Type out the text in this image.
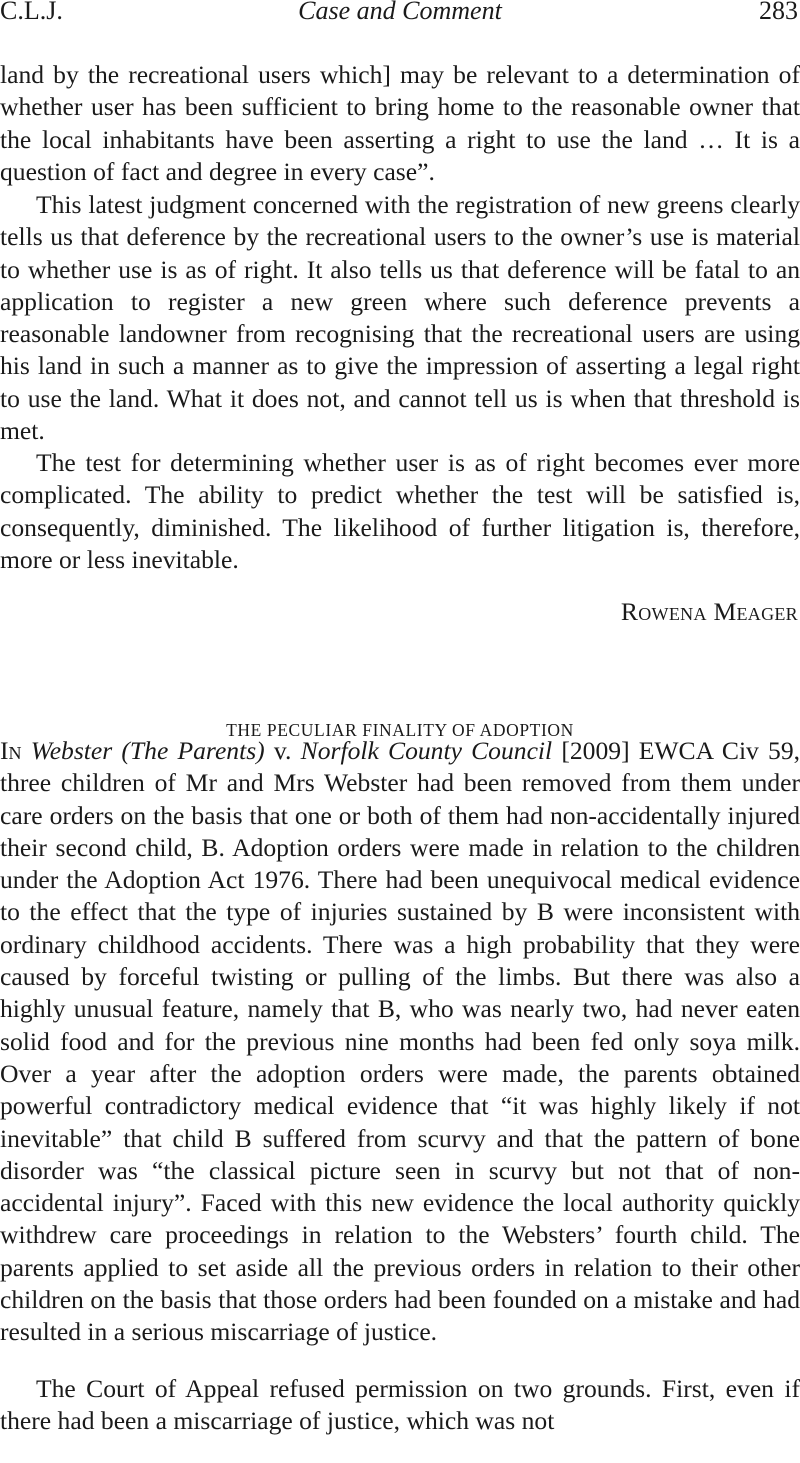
C.L.J.	Case and Comment	283

land by the recreational users which] may be relevant to a determination of whether user has been sufficient to bring home to the reasonable owner that the local inhabitants have been asserting a right to use the land … It is a question of fact and degree in every case”.

This latest judgment concerned with the registration of new greens clearly tells us that deference by the recreational users to the owner’s use is material to whether use is as of right. It also tells us that deference will be fatal to an application to register a new green where such deference prevents a reasonable landowner from recognising that the recreational users are using his land in such a manner as to give the impression of asserting a legal right to use the land. What it does not, and cannot tell us is when that threshold is met.

The test for determining whether user is as of right becomes ever more complicated. The ability to predict whether the test will be satisfied is, consequently, diminished. The likelihood of further litigation is, therefore, more or less inevitable.

Rowena Meager
THE PECULIAR FINALITY OF ADOPTION

In Webster (The Parents) v. Norfolk County Council [2009] EWCA Civ 59, three children of Mr and Mrs Webster had been removed from them under care orders on the basis that one or both of them had non-accidentally injured their second child, B. Adoption orders were made in relation to the children under the Adoption Act 1976. There had been unequivocal medical evidence to the effect that the type of injuries sustained by B were inconsistent with ordinary childhood accidents. There was a high probability that they were caused by forceful twisting or pulling of the limbs. But there was also a highly unusual feature, namely that B, who was nearly two, had never eaten solid food and for the previous nine months had been fed only soya milk. Over a year after the adoption orders were made, the parents obtained powerful contradictory medical evidence that “it was highly likely if not inevitable” that child B suffered from scurvy and that the pattern of bone disorder was “the classical picture seen in scurvy but not that of non-accidental injury”. Faced with this new evidence the local authority quickly withdrew care proceedings in relation to the Websters’ fourth child. The parents applied to set aside all the previous orders in relation to their other children on the basis that those orders had been founded on a mistake and had resulted in a serious miscarriage of justice.

The Court of Appeal refused permission on two grounds. First, even if there had been a miscarriage of justice, which was not
